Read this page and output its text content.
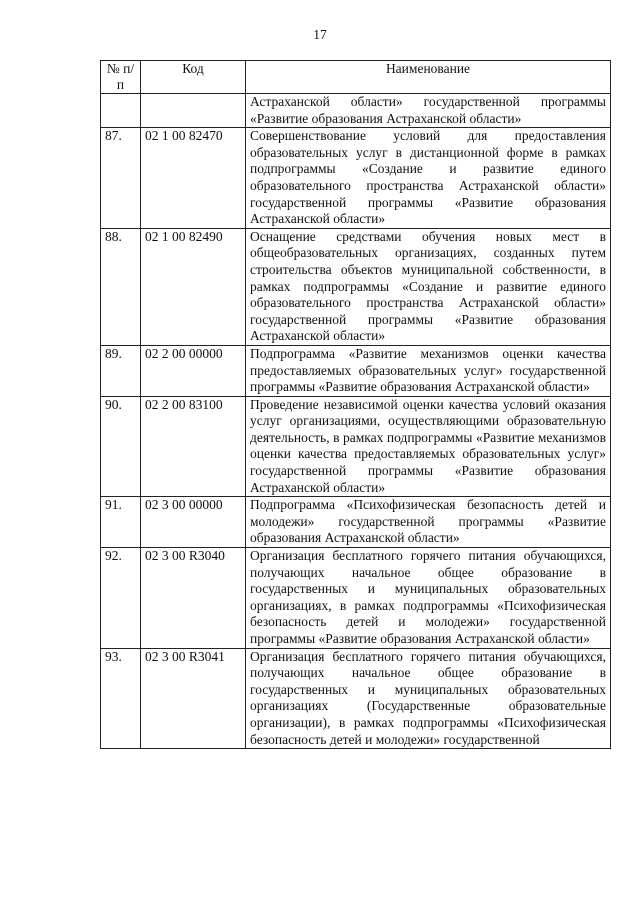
17
№ п/п	Код	Наименование

		Астраханской области» государственной программы «Развитие образования Астраханской области»

87.	02 1 00 82470	Совершенствование условий для предоставления образовательных услуг в дистанционной форме в рамках подпрограммы «Создание и развитие единого образовательного пространства Астраханской области» государственной программы «Развитие образования Астраханской области»

88.	02 1 00 82490	Оснащение средствами обучения новых мест в общеобразовательных организациях, созданных путем строительства объектов муниципальной собственности, в рамках подпрограммы «Создание и развитие единого образовательного пространства Астраханской области» государственной программы «Развитие образования Астраханской области»

89.	02 2 00 00000	Подпрограмма «Развитие механизмов оценки качества предоставляемых образовательных услуг» государственной программы «Развитие образования Астраханской области»

90.	02 2 00 83100	Проведение независимой оценки качества условий оказания услуг организациями, осуществляющими образовательную деятельность, в рамках подпрограммы «Развитие механизмов оценки качества предоставляемых образовательных услуг» государственной программы «Развитие образования Астраханской области»

91.	02 3 00 00000	Подпрограмма «Психофизическая безопасность детей и молодежи» государственной программы «Развитие образования Астраханской области»

92.	02 3 00 R3040	Организация бесплатного горячего питания обучающихся, получающих начальное общее образование в государственных и муниципальных образовательных организациях, в рамках подпрограммы «Психофизическая безопасность детей и молодежи» государственной программы «Развитие образования Астраханской области»

93.	02 3 00 R3041	Организация бесплатного горячего питания обучающихся, получающих начальное общее образование в государственных и муниципальных образовательных организациях (Государственные образовательные организации), в рамках подпрограммы «Психофизическая безопасность детей и молодежи» государственной
